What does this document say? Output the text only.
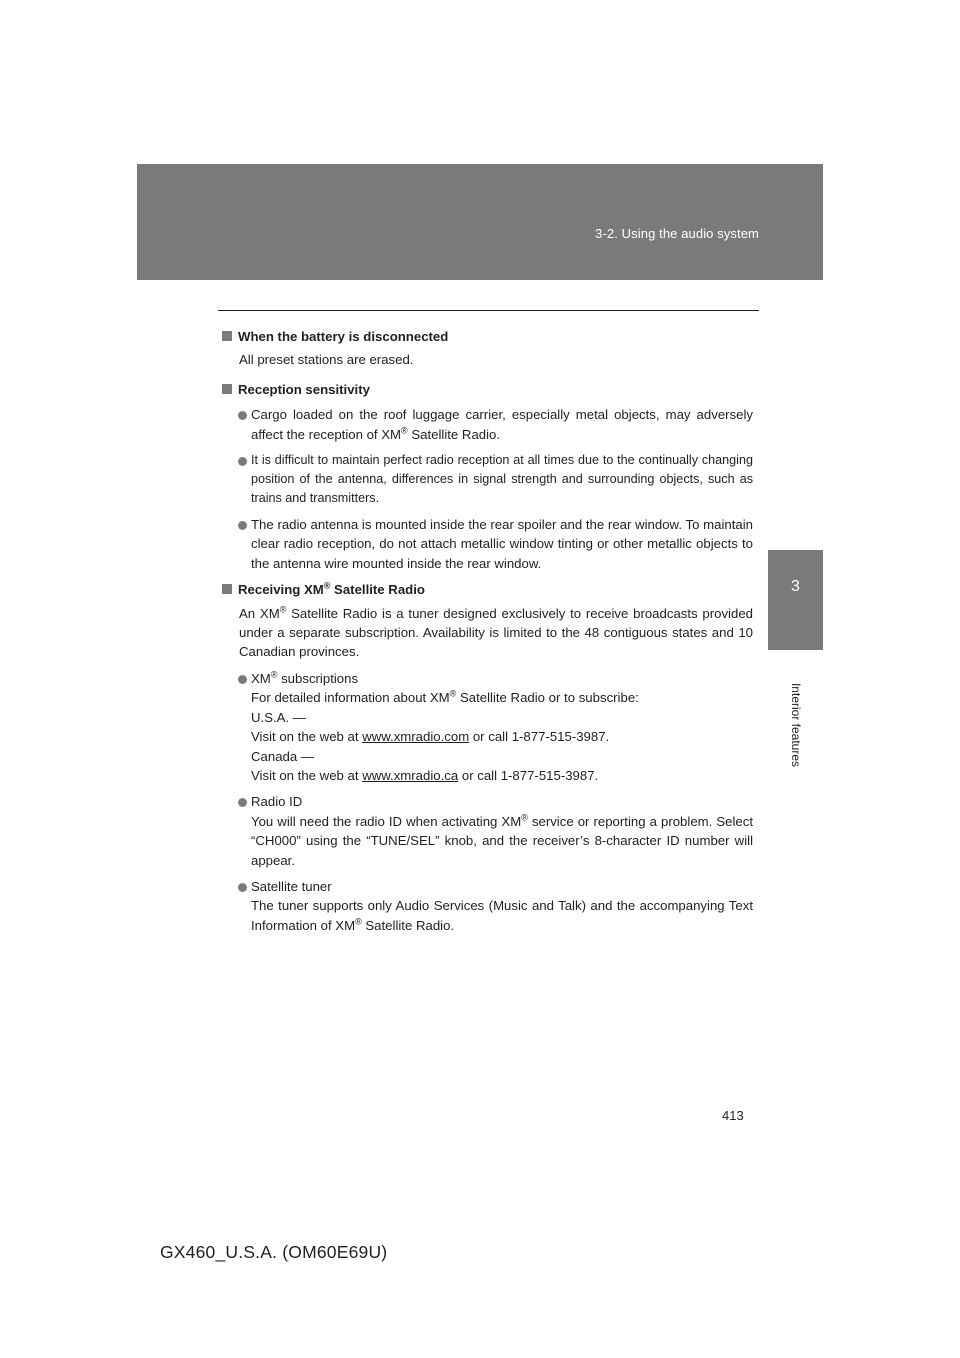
3-2. Using the audio system
3
Interior features

When the battery is disconnected

All preset stations are erased.

Reception sensitivity

Cargo loaded on the roof luggage carrier, especially metal objects, may adversely affect the reception of XM® Satellite Radio.
It is difficult to maintain perfect radio reception at all times due to the continually changing position of the antenna, differences in signal strength and surrounding objects, such as trains and transmitters.
The radio antenna is mounted inside the rear spoiler and the rear window. To maintain clear radio reception, do not attach metallic window tinting or other metallic objects to the antenna wire mounted inside the rear window.

Receiving XM® Satellite Radio

An XM® Satellite Radio is a tuner designed exclusively to receive broadcasts provided under a separate subscription. Availability is limited to the 48 contiguous states and 10 Canadian provinces.

XM® subscriptions
For detailed information about XM® Satellite Radio or to subscribe:
U.S.A. —
Visit on the web at www.xmradio.com or call 1-877-515-3987.
Canada —
Visit on the web at www.xmradio.ca or call 1-877-515-3987.
Radio ID
You will need the radio ID when activating XM® service or reporting a problem. Select “CH000” using the “TUNE/SEL” knob, and the receiver’s 8-character ID number will appear.
Satellite tuner
The tuner supports only Audio Services (Music and Talk) and the accompanying Text Information of XM® Satellite Radio.
413
GX460_U.S.A. (OM60E69U)
